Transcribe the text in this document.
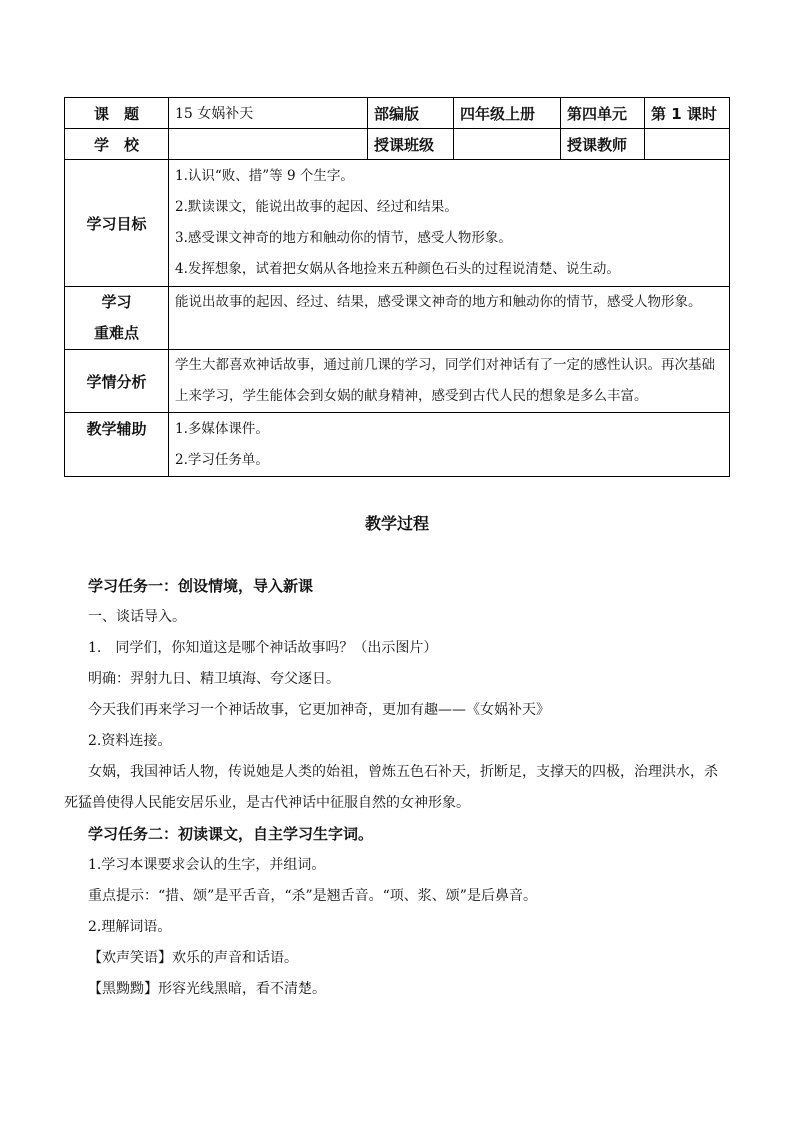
课　题	15 女娲补天	部编版	四年级上册	第四单元	第 1 课时
学　校		授课班级		授课教师	
学习目标	1.认识“败、措”等 9 个生字。
2.默读课文，能说出故事的起因、经过和结果。
3.感受课文神奇的地方和触动你的情节，感受人物形象。
4.发挥想象，试着把女娲从各地捡来五种颜色石头的过程说清楚、说生动。				

学习
重难点	能说出故事的起因、经过、结果，感受课文神奇的地方和触动你的情节，感受人物形象。				
学情分析	学生大都喜欢神话故事，通过前几课的学习，同学们对神话有了一定的感性认识。再次基础上来学习，学生能体会到女娲的献身精神，感受到古代人民的想象是多么丰富。				
教学辅助	1.多媒体课件。
2.学习任务单。				
教学过程

学习任务一：创设情境，导入新课

一、谈话导入。

1.　同学们，你知道这是哪个神话故事吗？（出示图片）

明确：羿射九日、精卫填海、夸父逐日。

今天我们再来学习一个神话故事，它更加神奇，更加有趣——《女娲补天》

2.资料连接。

女娲，我国神话人物，传说她是人类的始祖，曾炼五色石补天，折断足，支撑天的四极，治理洪水，杀死猛兽使得人民能安居乐业，是古代神话中征服自然的女神形象。

学习任务二：初读课文，自主学习生字词。

1.学习本课要求会认的生字，并组词。

重点提示：“措、颂”是平舌音，“杀”是翘舌音。“项、浆、颂”是后鼻音。

2.理解词语。

【欢声笑语】欢乐的声音和话语。

【黑黝黝】形容光线黑暗，看不清楚。
